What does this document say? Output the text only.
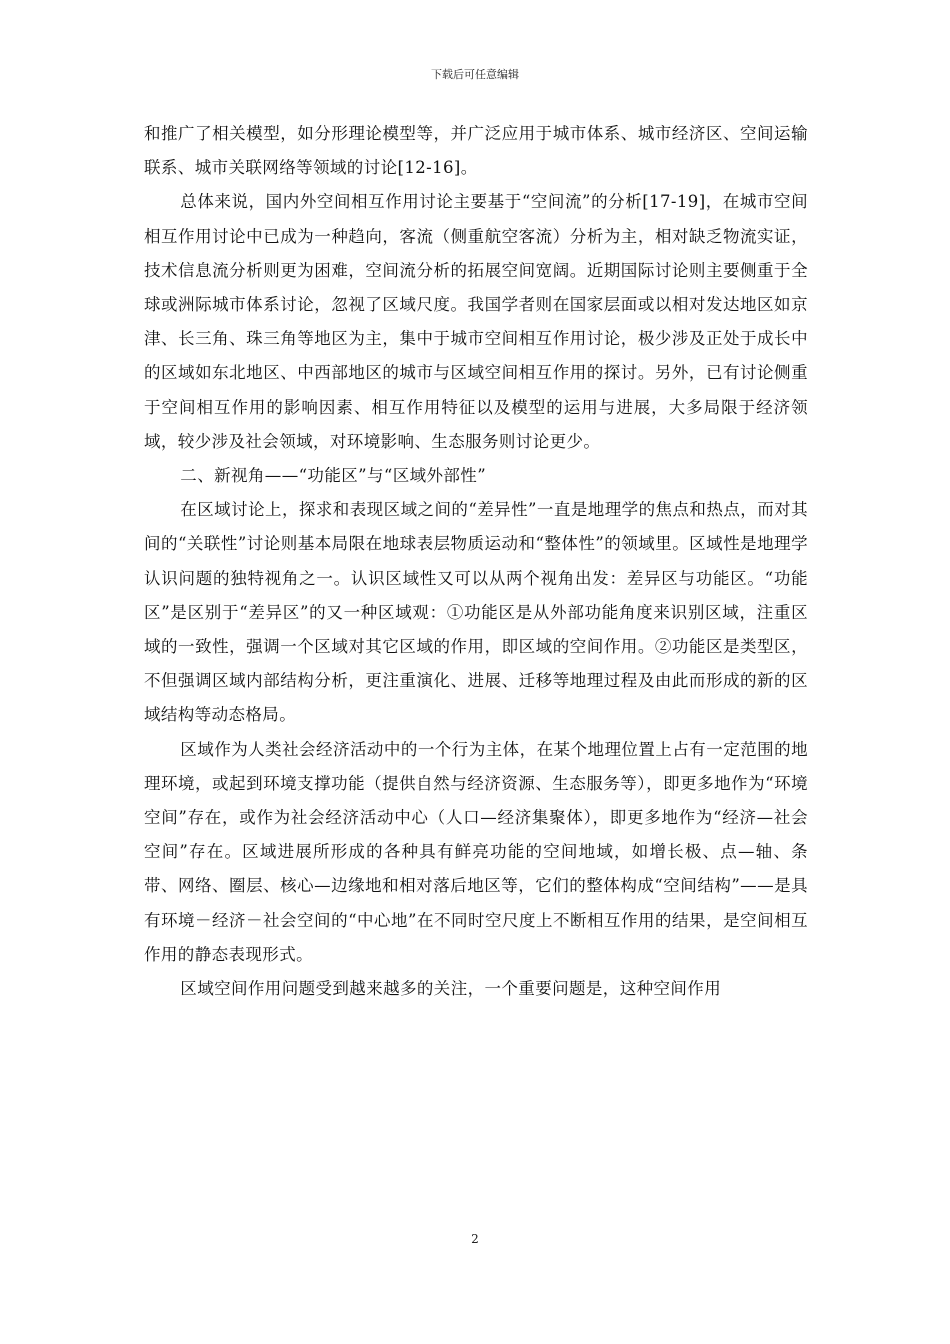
下载后可任意编辑

和推广了相关模型，如分形理论模型等，并广泛应用于城市体系、城市经济区、空间运输联系、城市关联网络等领域的讨论[12-16]。

总体来说，国内外空间相互作用讨论主要基于“空间流”的分析[17-19]，在城市空间相互作用讨论中已成为一种趋向，客流（侧重航空客流）分析为主，相对缺乏物流实证，技术信息流分析则更为困难，空间流分析的拓展空间宽阔。近期国际讨论则主要侧重于全球或洲际城市体系讨论，忽视了区域尺度。我国学者则在国家层面或以相对发达地区如京津、长三角、珠三角等地区为主，集中于城市空间相互作用讨论，极少涉及正处于成长中的区域如东北地区、中西部地区的城市与区域空间相互作用的探讨。另外，已有讨论侧重于空间相互作用的影响因素、相互作用特征以及模型的运用与进展，大多局限于经济领域，较少涉及社会领域，对环境影响、生态服务则讨论更少。

二、新视角——“功能区”与“区域外部性”

在区域讨论上，探求和表现区域之间的“差异性”一直是地理学的焦点和热点，而对其间的“关联性”讨论则基本局限在地球表层物质运动和“整体性”的领域里。区域性是地理学认识问题的独特视角之一。认识区域性又可以从两个视角出发：差异区与功能区。“功能区”是区别于“差异区”的又一种区域观：①功能区是从外部功能角度来识别区域，注重区域的一致性，强调一个区域对其它区域的作用，即区域的空间作用。②功能区是类型区，不但强调区域内部结构分析，更注重演化、进展、迁移等地理过程及由此而形成的新的区域结构等动态格局。

区域作为人类社会经济活动中的一个行为主体，在某个地理位置上占有一定范围的地理环境，或起到环境支撑功能（提供自然与经济资源、生态服务等），即更多地作为“环境空间”存在，或作为社会经济活动中心（人口—经济集聚体），即更多地作为“经济—社会空间”存在。区域进展所形成的各种具有鲜亮功能的空间地域，如增长极、点—轴、条带、网络、圈层、核心—边缘地和相对落后地区等，它们的整体构成“空间结构”——是具有环境－经济－社会空间的“中心地”在不同时空尺度上不断相互作用的结果，是空间相互作用的静态表现形式。

区域空间作用问题受到越来越多的关注，一个重要问题是，这种空间作用

2
